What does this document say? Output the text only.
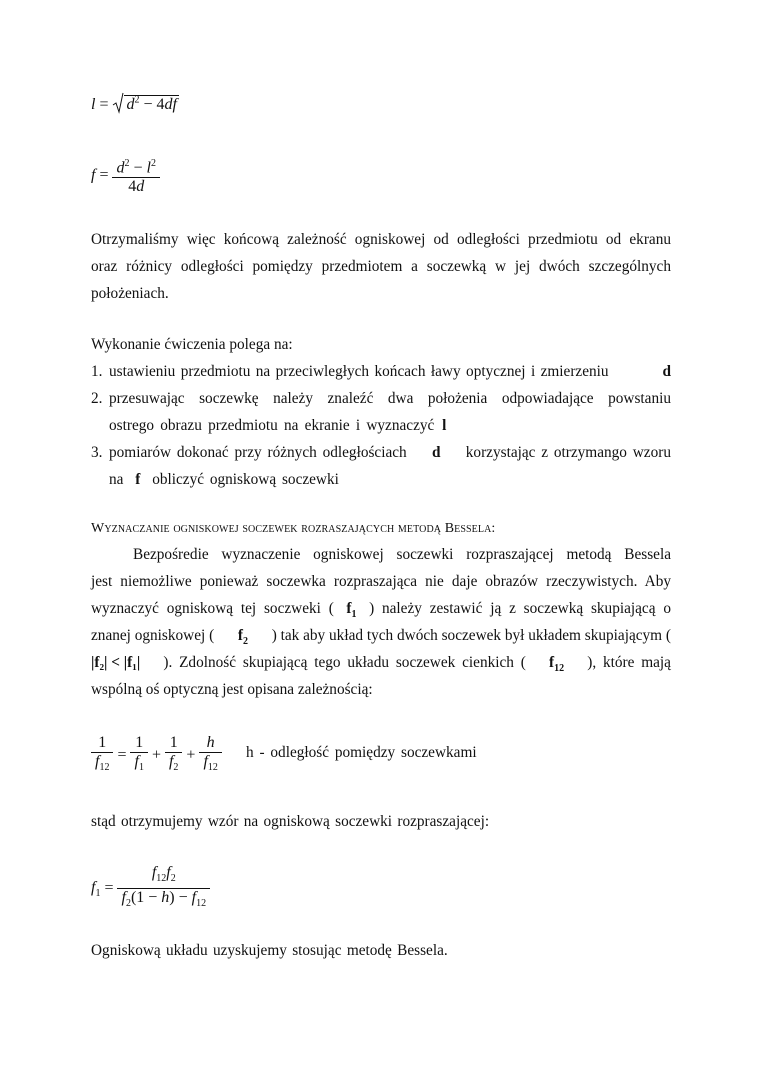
$l = d^2 - 4df$
$f = \frac{d^2 - l^2}{4d}$
Otrzymaliśmy więc końcową zależność ogniskowej od odległości przedmiotu od ekranu
oraz różnicy odległości pomiędzy przedmiotem a soczewką w jej dwóch szczególnych
położeniach.
Wykonanie ćwiczenia polega na:
1. ustawieniu przedmiotu na przeciwległych końcach ławy optycznej i zmierzeniu	d
2. przesuwając soczewkę należy znaleźć dwa położenia odpowiadające powstaniu
ostrego obrazu przedmiotu na ekranie i wyznaczyć l
3. pomiarów dokonać przy różnych odległościach d korzystając z otrzymango wzoru
na f obliczyć ogniskową soczewki
Wyznaczanie ogniskowej soczewek rozraszających metodą Bessela:
Bezpośredie wyznaczenie ogniskowej soczewki rozpraszającej metodą Bessela
jest niemożliwe ponieważ soczewka rozpraszająca nie daje obrazów rzeczywistych. Aby
wyznaczyć ogniskową tej soczweki ( $f_1$ ) należy zestawić ją z soczewką skupiającą o
znanej ogniskowej ( $f_2$ ) tak aby układ tych dwóch soczewek był układem skupiającym (
|f₂| < |f₁| ). Zdolność skupiającą tego układu soczewek cienkich ( $f_{12}$ ), które mają
wspólną oś optyczną jest opisana zależnością:
$\frac{1}{f_{12}} = \frac{1}{f_1} + \frac{1}{f_2} + \frac{h}{f_{12}}$ h - odległość pomiędzy soczewkami
stąd otrzymujemy wzór na ogniskową soczewki rozpraszającej:
$f_1 = \frac{f_{12}f_2}{f_2(1 - h) - f_{12}}$
Ogniskową układu uzyskujemy stosując metodę Bessela.
